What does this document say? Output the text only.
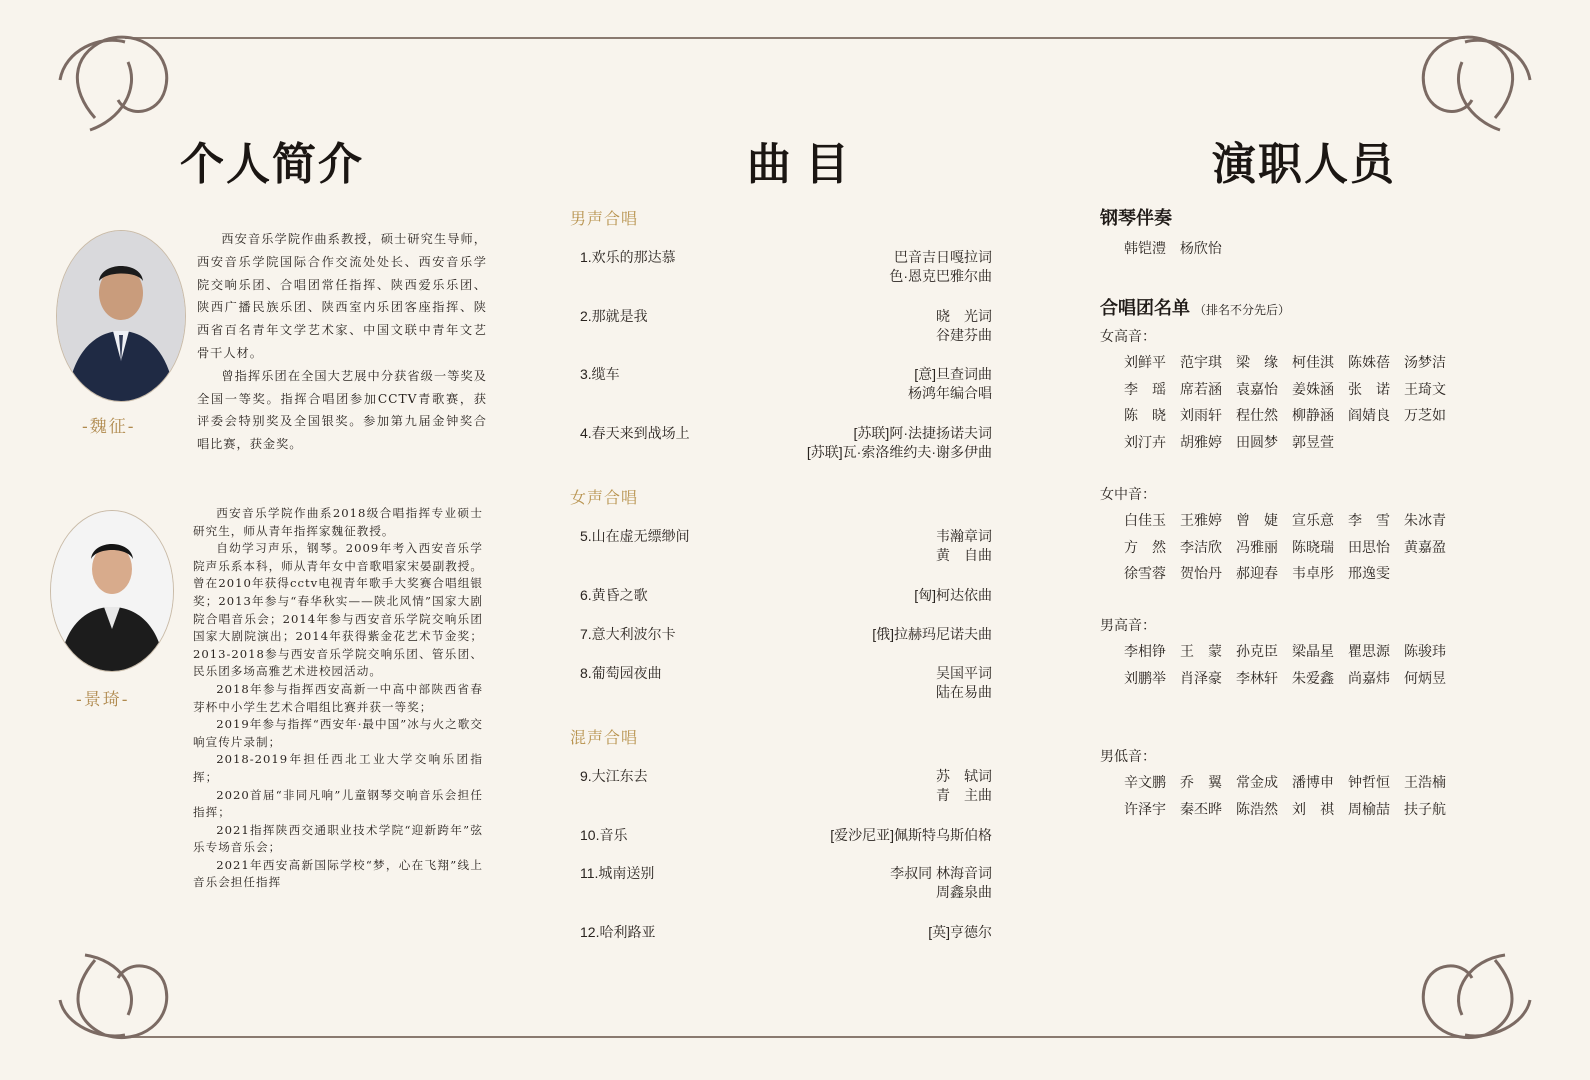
个人简介
-魏征-

西安音乐学院作曲系教授，硕士研究生导师，西安音乐学院国际合作交流处处长、西安音乐学院交响乐团、合唱团常任指挥、陕西爱乐乐团、陕西广播民族乐团、陕西室内乐团客座指挥、陕西省百名青年文学艺术家、中国文联中青年文艺骨干人材。

曾指挥乐团在全国大艺展中分获省级一等奖及全国一等奖。指挥合唱团参加CCTV青歌赛，获评委会特别奖及全国银奖。参加第九届金钟奖合唱比赛，获金奖。

-景琦-

西安音乐学院作曲系2018级合唱指挥专业硕士研究生，师从青年指挥家魏征教授。

自幼学习声乐，钢琴。2009年考入西安音乐学院声乐系本科，师从青年女中音歌唱家宋晏副教授。曾在2010年获得cctv电视青年歌手大奖赛合唱组银奖；2013年参与“春华秋实——陕北风情”国家大剧院合唱音乐会；2014年参与西安音乐学院交响乐团国家大剧院演出；2014年获得紫金花艺术节金奖；2013-2018参与西安音乐学院交响乐团、管乐团、民乐团多场高雅艺术进校园活动。

2018年参与指挥西安高新一中高中部陕西省春芽杯中小学生艺术合唱组比赛并获一等奖；

2019年参与指挥“西安年·最中国”冰与火之歌交响宣传片录制；

2018-2019年担任西北工业大学交响乐团指挥；

2020首届“非同凡响”儿童钢琴交响音乐会担任指挥；

2021指挥陕西交通职业技术学院“迎新跨年”弦乐专场音乐会；

2021年西安高新国际学校“梦，心在飞翔”线上音乐会担任指挥

曲目
男声合唱
1.欢乐的那达慕	巴音吉日嘎拉词
色·恩克巴雅尔曲
2.那就是我	晓　光词
谷建芬曲
3.缆车	[意]旦查词曲
杨鸿年编合唱
4.春天来到战场上	[苏联]阿·法捷扬诺夫词
[苏联]瓦·索洛维约夫·谢多伊曲
女声合唱
5.山在虚无缥缈间	韦瀚章词
黄　自曲
6.黄昏之歌	[匈]柯达依曲
7.意大利波尔卡	[俄]拉赫玛尼诺夫曲
8.葡萄园夜曲	吴国平词
陆在易曲
混声合唱
9.大江东去	苏　轼词
青　主曲
10.音乐	[爱沙尼亚]佩斯特乌斯伯格
11.城南送别	李叔同 林海音词
周鑫泉曲
12.哈利路亚	[英]亨德尔
演职人员
钢琴伴奏
韩铠澧 杨欣怡
合唱团名单 （排名不分先后）
女高音：
刘鲜平	范宇琪	梁　缘	柯佳淇	陈姝蓓	汤梦洁
李　瑶	席若涵	袁嘉怡	姜姝涵	张　诺	王琦文
陈　晓	刘雨轩	程仕然	柳静涵	阎婧良	万芝如
刘汀卉	胡雅婷	田圆梦	郭昱萱
女中音：
白佳玉	王雅婷	曾　婕	宣乐意	李　雪	朱冰青
方　然	李洁欣	冯雅丽	陈晓瑞	田思怡	黄嘉盈
徐雪蓉	贺怡丹	郝迎春	韦卓彤	邢逸雯
男高音：
李相铮	王　蒙	孙克臣	梁晶星	瞿思源	陈骏玮
刘鹏举	肖泽豪	李林轩	朱爱鑫	尚嘉炜	何炳昱
男低音：
辛文鹏	乔　翼	常金成	潘博申	钟哲恒	王浩楠
许泽宇	秦丕晔	陈浩然	刘　祺	周榆喆	扶子航
